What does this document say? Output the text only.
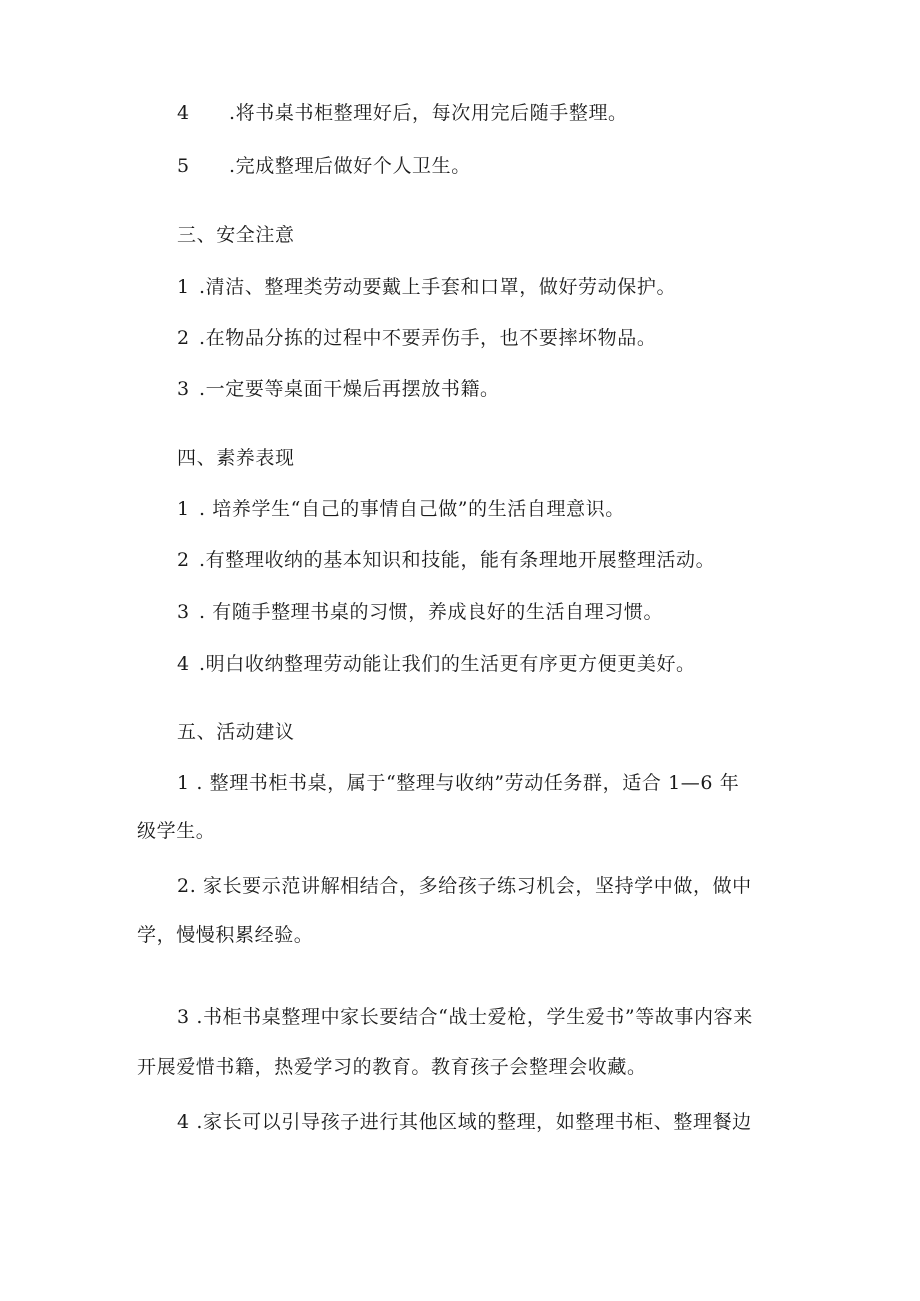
4 .将书桌书柜整理好后，每次用完后随手整理。
5 .完成整理后做好个人卫生。
三、安全注意
1 .清洁、整理类劳动要戴上手套和口罩，做好劳动保护。
2 .在物品分拣的过程中不要弄伤手，也不要摔坏物品。
3 .一定要等桌面干燥后再摆放书籍。
四、素养表现
1 . 培养学生“自己的事情自己做”的生活自理意识。
2 .有整理收纳的基本知识和技能，能有条理地开展整理活动。
3 . 有随手整理书桌的习惯，养成良好的生活自理习惯。
4 .明白收纳整理劳动能让我们的生活更有序更方便更美好。
五、活动建议
1 . 整理书柜书桌，属于“整理与收纳”劳动任务群，适合 1—6 年
级学生。
2. 家长要示范讲解相结合，多给孩子练习机会，坚持学中做，做中
学，慢慢积累经验。
3 .书柜书桌整理中家长要结合“战士爱枪，学生爱书”等故事内容来
开展爱惜书籍，热爱学习的教育。教育孩子会整理会收藏。
4 .家长可以引导孩子进行其他区域的整理，如整理书柜、整理餐边
